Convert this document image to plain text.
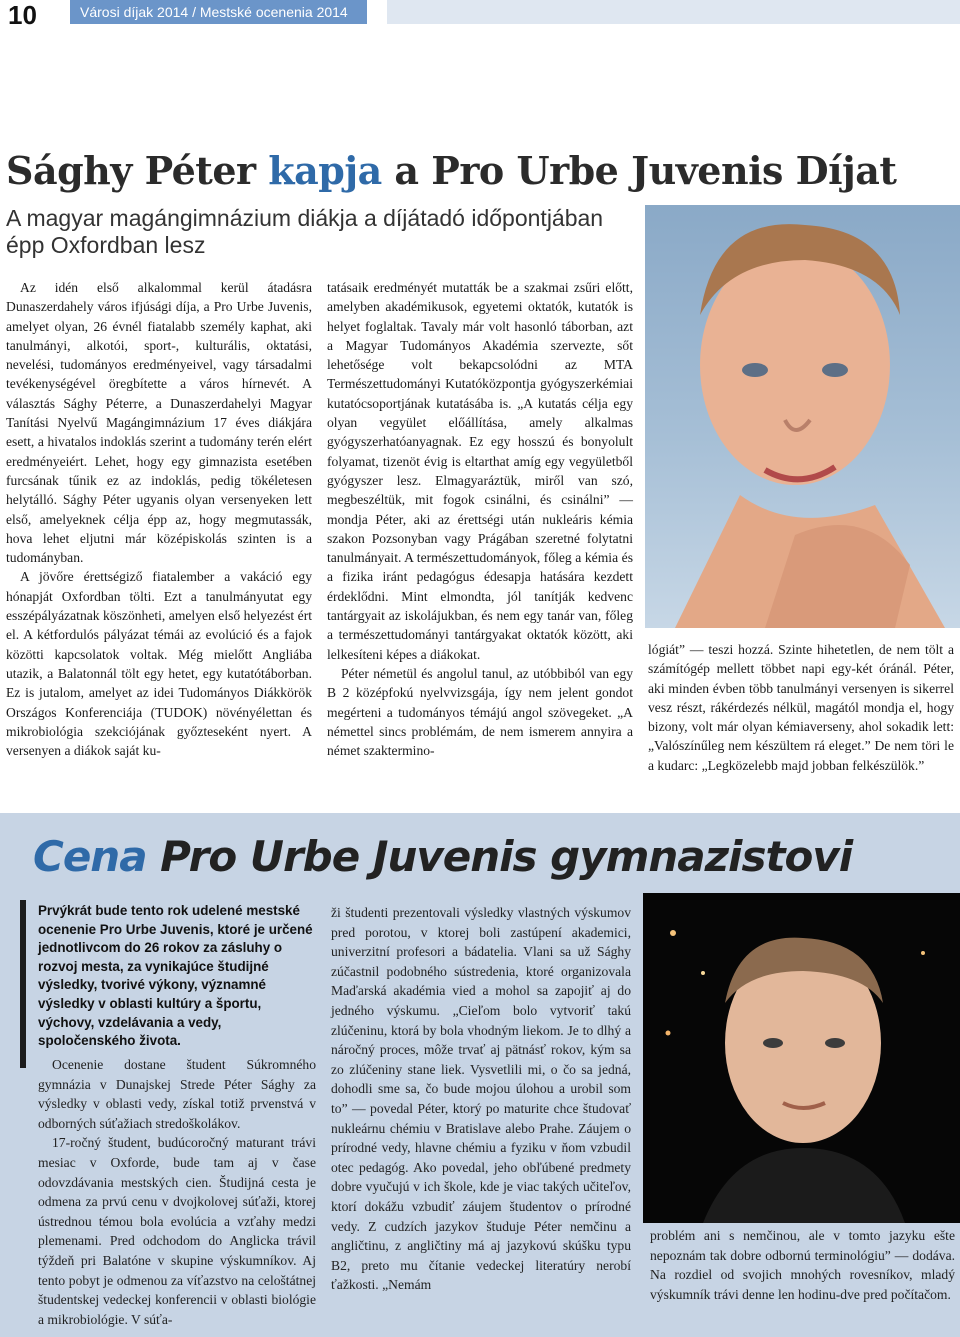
10	Városi díjak 2014 / Mestské ocenenia 2014
Sághy Péter kapja a Pro Urbe Juvenis Díjat
A magyar magángimnázium diákja a díjátadó időpontjában épp Oxfordban lesz

Az idén első alkalommal kerül átadásra Dunaszerdahely város ifjúsági díja, a Pro Urbe Juvenis, amelyet olyan, 26 évnél fiatalabb személy kaphat, aki tanulmányi, alkotói, sport-, kulturális, oktatási, nevelési, tudományos eredményeivel, vagy társadalmi tevékenységével öregbítette a város hírnevét. A választás Sághy Péterre, a Dunaszerdahelyi Magyar Tanítási Nyelvű Magángimnázium 17 éves diákjára esett, a hivatalos indoklás szerint a tudomány terén elért eredményeiért. Lehet, hogy egy gimnazista esetében furcsának tűnik ez az indoklás, pedig tökéletesen helytálló. Sághy Péter ugyanis olyan versenyeken lett első, amelyeknek célja épp az, hogy megmutassák, hova lehet eljutni már középiskolás szinten is a tudományban.

A jövőre érettségiző fiatalember a vakáció egy hónapját Oxfordban tölti. Ezt a tanulmányutat egy esszépályázatnak köszönheti, amelyen első helyezést ért el. A kétfordulós pályázat témái az evolúció és a fajok közötti kapcsolatok voltak. Még mielőtt Angliába utazik, a Balatonnál tölt egy hetet, egy kutatótáborban. Ez is jutalom, amelyet az idei Tudományos Diákkörök Országos Konferenciája (TUDOK) növényélettan és mikrobiológia szekciójának győzteseként nyert. A versenyen a diákok saját ku-

tatásaik eredményét mutatták be a szakmai zsűri előtt, amelyben akadémikusok, egyetemi oktatók, kutatók is helyet foglaltak. Tavaly már volt hasonló táborban, azt a Magyar Tudományos Akadémia szervezte, sőt lehetősége volt bekapcsolódni az MTA Természettudományi Kutatóközpontja gyógyszerkémiai kutatócsoportjának kutatásába is. „A kutatás célja egy olyan vegyület előállítása, amely alkalmas gyógyszerhatóanyagnak. Ez egy hosszú és bonyolult folyamat, tizenöt évig is eltarthat amíg egy vegyületből gyógyszer lesz. Elmagyaráztük, miről van szó, megbeszéltük, mit fogok csinálni, és csinálni” — mondja Péter, aki az érettségi után nukleáris kémia szakon Pozsonyban vagy Prágában szeretné folytatni tanulmányait. A természettudományok, főleg a kémia és a fizika iránt pedagógus édesapja hatására kezdett érdeklődni. Mint elmondta, jól tanítják kedvenc tantárgyait az iskolájukban, és nem egy tanár van, főleg a természettudományi tantárgyakat oktatók között, aki lelkesíteni képes a diákokat.

Péter németül és angolul tanul, az utóbbiból van egy B 2 középfokú nyelvvizsgája, így nem jelent gondot megérteni a tudományos témájú angol szövegeket. „A némettel sincs problémám, de nem ismerem annyira a német szaktermino-

lógiát” — teszi hozzá. Szinte hihetetlen, de nem tölt a számítógép mellett többet napi egy-két óránál. Péter, aki minden évben több tanulmányi versenyen is sikerrel vesz részt, rákérdezés nélkül, magától mondja el, hogy bizony, volt már olyan kémiaverseny, ahol sokadik lett: „Valószínűleg nem készültem rá eleget.” De nem töri le a kudarc: „Legközelebb majd jobban felkészülök.”

Cena Pro Urbe Juvenis gymnazistovi
Prvýkrát bude tento rok udelené mestské ocenenie Pro Urbe Juvenis, ktoré je určené jednotlivcom do 26 rokov za zásluhy o rozvoj mesta, za vynikajúce študijné výsledky, tvorivé výkony, významné výsledky v oblasti kultúry a športu, výchovy, vzdelávania a vedy, spoločenského života.

Ocenenie dostane študent Súkromného gymnázia v Dunajskej Strede Péter Sághy za výsledky v oblasti vedy, získal totiž prvenstvá v odborných súťažiach stredoškolákov.

17-ročný študent, budúcoročný maturant trávi mesiac v Oxforde, bude tam aj v čase odovzdávania mestských cien. Študijná cesta je odmena za prvú cenu v dvojkolovej súťaži, ktorej ústrednou témou bola evolúcia a vzťahy medzi plemenami. Pred odchodom do Anglicka trávil týždeň pri Balatóne v skupine výskumníkov. Aj tento pobyt je odmenou za víťazstvo na celoštátnej študentskej vedeckej konferencii v oblasti biológie a mikrobiológie. V súťa-

ži študenti prezentovali výsledky vlastných výskumov pred porotou, v ktorej boli zastúpení akademici, univerzitní profesori a bádatelia. Vlani sa už Sághy zúčastnil podobného sústredenia, ktoré organizovala Maďarská akadémia vied a mohol sa zapojiť aj do jedného výskumu. „Cieľom bolo vytvoriť takú zlúčeninu, ktorá by bola vhodným liekom. Je to dlhý a náročný proces, môže trvať aj pätnásť rokov, kým sa zo zlúčeniny stane liek. Vysvetlili mi, o čo sa jedná, dohodli sme sa, čo bude mojou úlohou a urobil som to” — povedal Péter, ktorý po maturite chce študovať nukleárnu chémiu v Bratislave alebo Prahe. Záujem o prírodné vedy, hlavne chémiu a fyziku v ňom vzbudil otec pedagóg. Ako povedal, jeho obľúbené predmety dobre vyučujú v ich škole, kde je viac takých učiteľov, ktorí dokážu vzbudiť záujem študentov o prírodné vedy. Z cudzích jazykov študuje Péter nemčinu a angličtinu, z angličtiny má aj jazykovú skúšku typu B2, preto mu čítanie vedeckej literatúry nerobí ťažkosti. „Nemám

problém ani s nemčinou, ale v tomto jazyku ešte nepoznám tak dobre odbornú terminológiu” — dodáva. Na rozdiel od svojich mnohých rovesníkov, mladý výskumník trávi denne len hodinu-dve pred počítačom.
